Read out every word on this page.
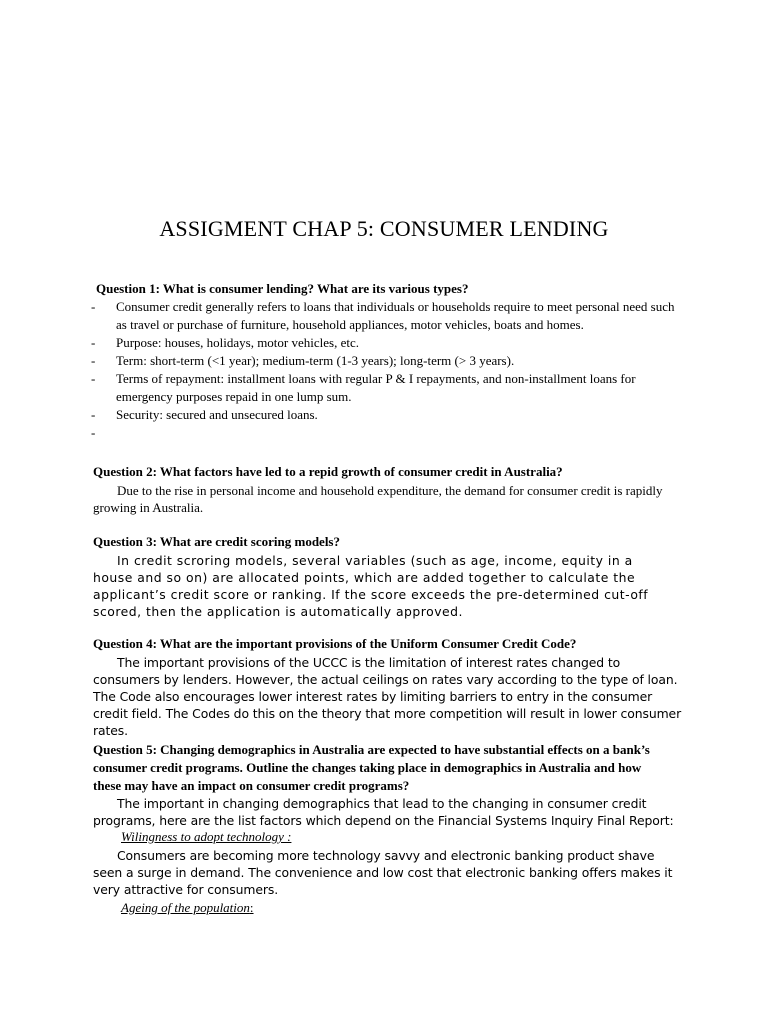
ASSIGMENT CHAP 5: CONSUMER LENDING
Question 1: What is consumer lending? What are its various types?
- Consumer credit generally refers to loans that individuals or households require to meet personal need such as travel or purchase of furniture, household appliances, motor vehicles, boats and homes.
- Purpose: houses, holidays, motor vehicles, etc.
- Term: short-term (<1 year); medium-term (1-3 years); long-term (> 3 years).
- Terms of repayment: installment loans with regular P & I repayments, and non-installment loans for emergency purposes repaid in one lump sum.
- Security: secured and unsecured loans.
-
Question 2: What factors have led to a repid growth of consumer credit in Australia?
Due to the rise in personal income and household expenditure, the demand for consumer credit is rapidly growing in Australia.
Question 3: What are credit scoring models?
In credit scroring models, several variables (such as age, income, equity in a house and so on) are allocated points, which are added together to calculate the applicant’s credit score or ranking. If the score exceeds the pre-determined cut-off scored, then the application is automatically approved.
Question 4: What are the important provisions of the Uniform Consumer Credit Code?
The important provisions of the UCCC is the limitation of interest rates changed to consumers by lenders. However, the actual ceilings on rates vary according to the type of loan. The Code also encourages lower interest rates by limiting barriers to entry in the consumer credit field. The Codes do this on the theory that more competition will result in lower consumer rates.
Question 5: Changing demographics in Australia are expected to have substantial effects on a bank’s consumer credit programs. Outline the changes taking place in demographics in Australia and how these may have an impact on consumer credit programs?
The important in changing demographics that lead to the changing in consumer credit programs, here are the list factors which depend on the Financial Systems Inquiry Final Report:
Wilingness to adopt technology :
Consumers are becoming more technology savvy and electronic banking product shave seen a surge in demand. The convenience and low cost that electronic banking offers makes it very attractive for consumers.
Ageing of the population:
